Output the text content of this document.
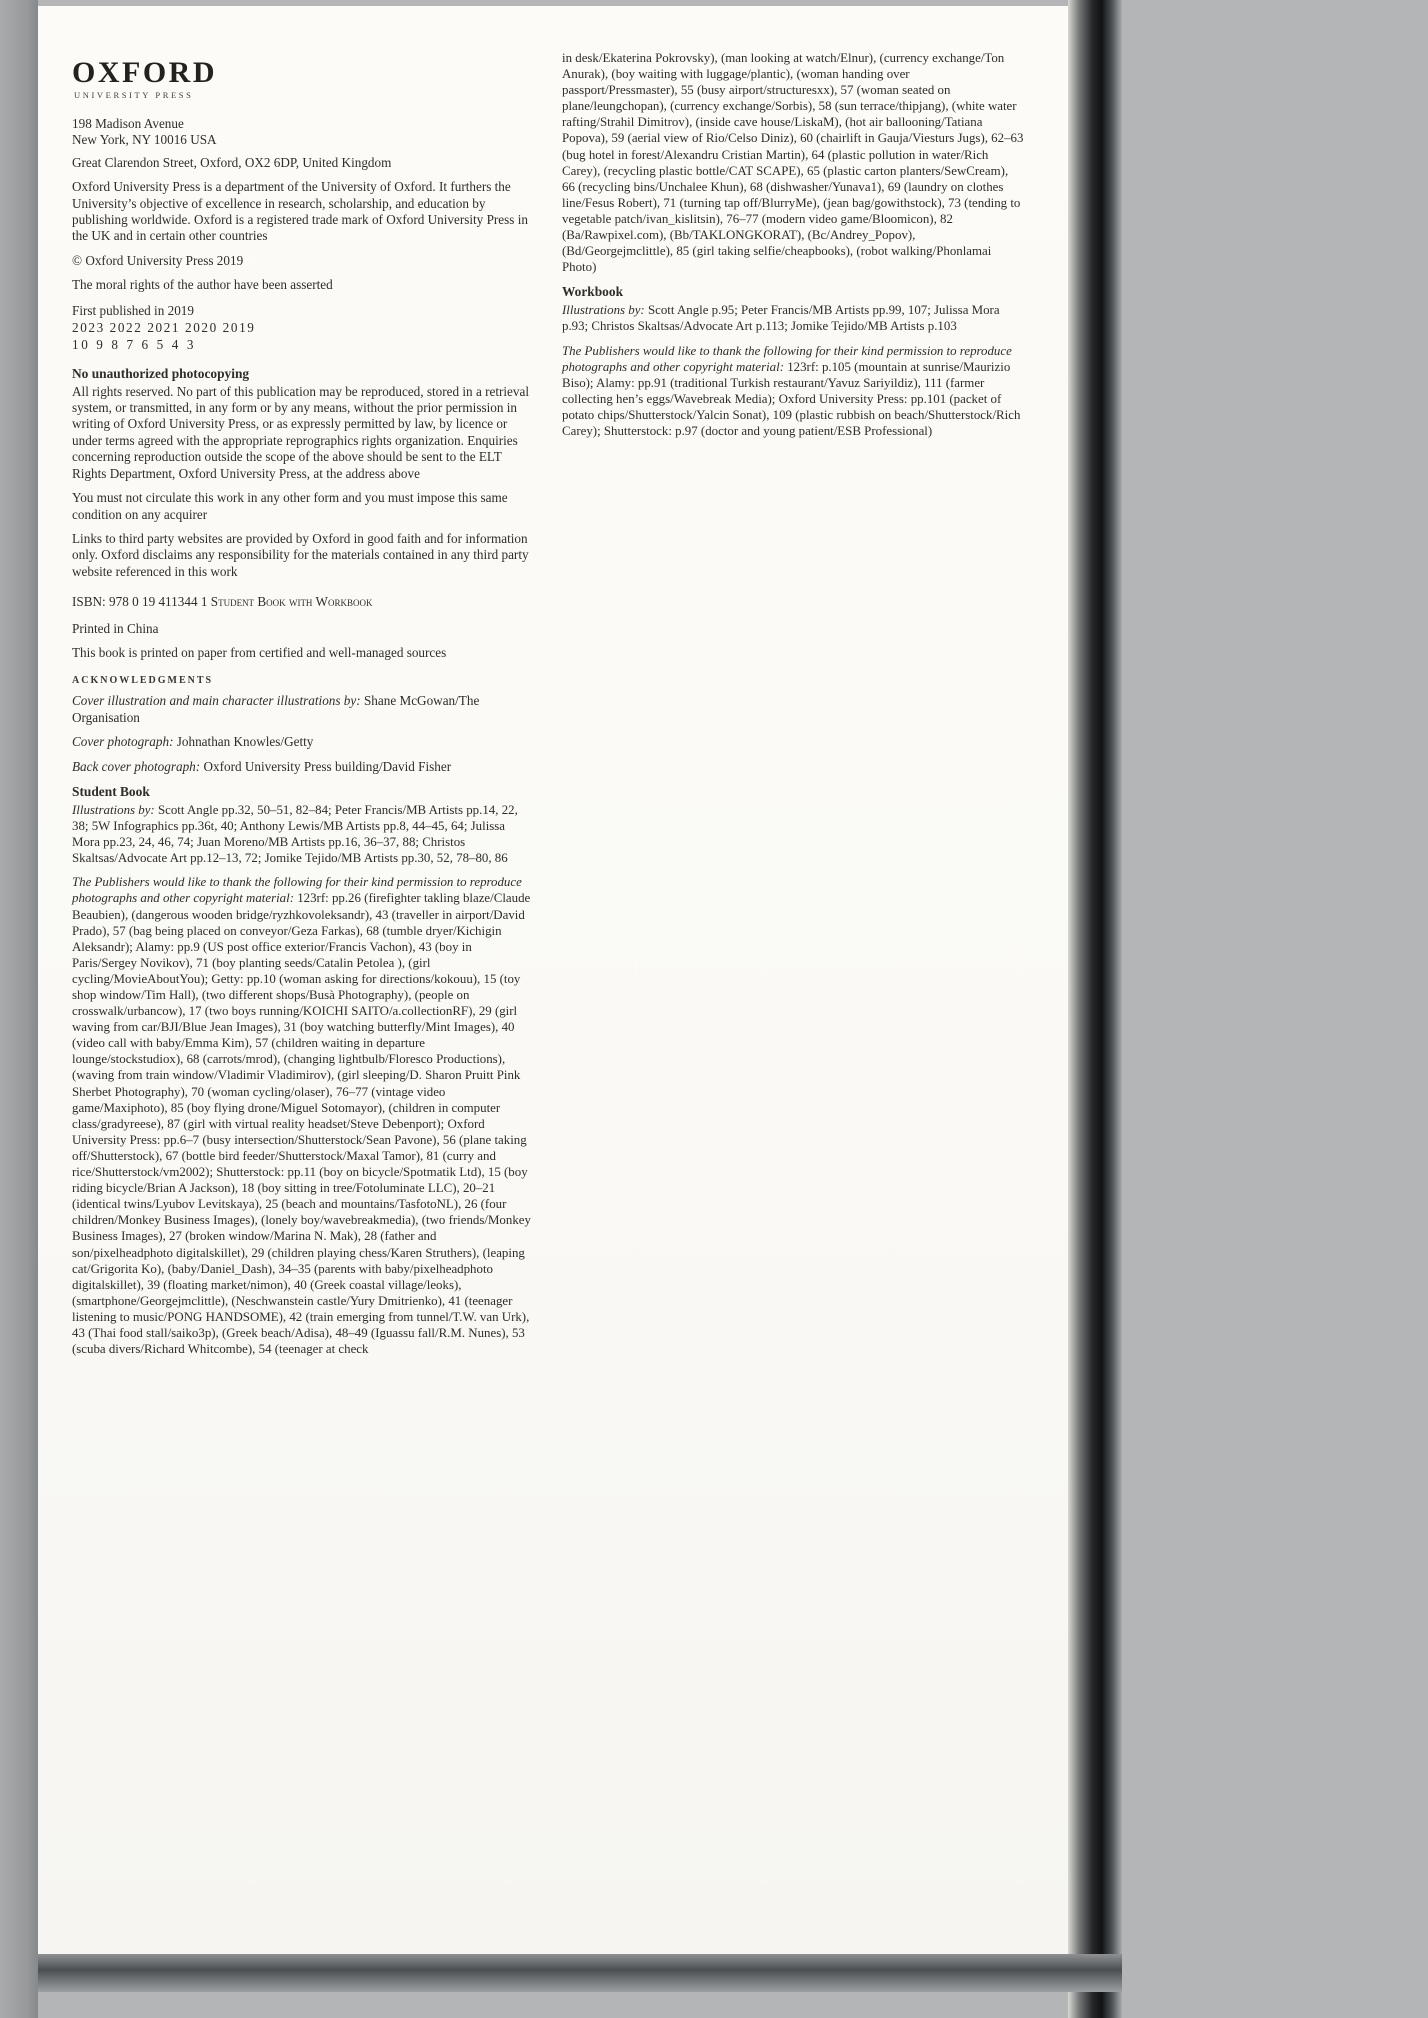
OXFORD
UNIVERSITY PRESS
198 Madison Avenue
New York, NY 10016 USA
Great Clarendon Street, Oxford, OX2 6DP, United Kingdom

Oxford University Press is a department of the University of Oxford. It furthers the University’s objective of excellence in research, scholarship, and education by publishing worldwide. Oxford is a registered trade mark of Oxford University Press in the UK and in certain other countries

© Oxford University Press 2019
The moral rights of the author have been asserted
First published in 2019
2023 2022 2021 2020 2019
10 9 8 7 6 5 4 3
No unauthorized photocopying

All rights reserved. No part of this publication may be reproduced, stored in a retrieval system, or transmitted, in any form or by any means, without the prior permission in writing of Oxford University Press, or as expressly permitted by law, by licence or under terms agreed with the appropriate reprographics rights organization. Enquiries concerning reproduction outside the scope of the above should be sent to the ELT Rights Department, Oxford University Press, at the address above

You must not circulate this work in any other form and you must impose this same condition on any acquirer

Links to third party websites are provided by Oxford in good faith and for information only. Oxford disclaims any responsibility for the materials contained in any third party website referenced in this work

ISBN: 978 0 19 411344 1 Student Book with Workbook
Printed in China
This book is printed on paper from certified and well-managed sources
ACKNOWLEDGMENTS

Cover illustration and main character illustrations by: Shane McGowan/The Organisation

Cover photograph: Johnathan Knowles/Getty

Back cover photograph: Oxford University Press building/David Fisher

Student Book

Illustrations by: Scott Angle pp.32, 50–51, 82–84; Peter Francis/MB Artists pp.14, 22, 38; 5W Infographics pp.36t, 40; Anthony Lewis/MB Artists pp.8, 44–45, 64; Julissa Mora pp.23, 24, 46, 74; Juan Moreno/MB Artists pp.16, 36–37, 88; Christos Skaltsas/Advocate Art pp.12–13, 72; Jomike Tejido/MB Artists pp.30, 52, 78–80, 86

The Publishers would like to thank the following for their kind permission to reproduce photographs and other copyright material: 123rf: pp.26 (firefighter takling blaze/Claude Beaubien), (dangerous wooden bridge/ryzhkovoleksandr), 43 (traveller in airport/David Prado), 57 (bag being placed on conveyor/Geza Farkas), 68 (tumble dryer/Kichigin Aleksandr); Alamy: pp.9 (US post office exterior/Francis Vachon), 43 (boy in Paris/Sergey Novikov), 71 (boy planting seeds/Catalin Petolea ), (girl cycling/MovieAboutYou); Getty: pp.10 (woman asking for directions/kokouu), 15 (toy shop window/Tim Hall), (two different shops/Busà Photography), (people on crosswalk/urbancow), 17 (two boys running/KOICHI SAITO/a.collectionRF), 29 (girl waving from car/BJI/Blue Jean Images), 31 (boy watching butterfly/Mint Images), 40 (video call with baby/Emma Kim), 57 (children waiting in departure lounge/stockstudiox), 68 (carrots/mrod), (changing lightbulb/Floresco Productions), (waving from train window/Vladimir Vladimirov), (girl sleeping/D. Sharon Pruitt Pink Sherbet Photography), 70 (woman cycling/olaser), 76–77 (vintage video game/Maxiphoto), 85 (boy flying drone/Miguel Sotomayor), (children in computer class/gradyreese), 87 (girl with virtual reality headset/Steve Debenport); Oxford University Press: pp.6–7 (busy intersection/Shutterstock/Sean Pavone), 56 (plane taking off/Shutterstock), 67 (bottle bird feeder/Shutterstock/Maxal Tamor), 81 (curry and rice/Shutterstock/vm2002); Shutterstock: pp.11 (boy on bicycle/Spotmatik Ltd), 15 (boy riding bicycle/Brian A Jackson), 18 (boy sitting in tree/Fotoluminate LLC), 20–21 (identical twins/Lyubov Levitskaya), 25 (beach and mountains/TasfotoNL), 26 (four children/Monkey Business Images), (lonely boy/wavebreakmedia), (two friends/Monkey Business Images), 27 (broken window/Marina N. Mak), 28 (father and son/pixelheadphoto digitalskillet), 29 (children playing chess/Karen Struthers), (leaping cat/Grigorita Ko), (baby/Daniel_Dash), 34–35 (parents with baby/pixelheadphoto digitalskillet), 39 (floating market/nimon), 40 (Greek coastal village/leoks), (smartphone/Georgejmclittle), (Neschwanstein castle/Yury Dmitrienko), 41 (teenager listening to music/PONG HANDSOME), 42 (train emerging from tunnel/T.W. van Urk), 43 (Thai food stall/saiko3p), (Greek beach/Adisa), 48–49 (Iguassu fall/R.M. Nunes), 53 (scuba divers/Richard Whitcombe), 54 (teenager at check

in desk/Ekaterina Pokrovsky), (man looking at watch/Elnur), (currency exchange/Ton Anurak), (boy waiting with luggage/plantic), (woman handing over passport/Pressmaster), 55 (busy airport/structuresxx), 57 (woman seated on plane/leungchopan), (currency exchange/Sorbis), 58 (sun terrace/thipjang), (white water rafting/Strahil Dimitrov), (inside cave house/LiskaM), (hot air ballooning/Tatiana Popova), 59 (aerial view of Rio/Celso Diniz), 60 (chairlift in Gauja/Viesturs Jugs), 62–63 (bug hotel in forest/Alexandru Cristian Martin), 64 (plastic pollution in water/Rich Carey), (recycling plastic bottle/CAT SCAPE), 65 (plastic carton planters/SewCream), 66 (recycling bins/Unchalee Khun), 68 (dishwasher/Yunava1), 69 (laundry on clothes line/Fesus Robert), 71 (turning tap off/BlurryMe), (jean bag/gowithstock), 73 (tending to vegetable patch/ivan_kislitsin), 76–77 (modern video game/Bloomicon), 82 (Ba/Rawpixel.com), (Bb/TAKLONGKORAT), (Bc/Andrey_Popov), (Bd/Georgejmclittle), 85 (girl taking selfie/cheapbooks), (robot walking/Phonlamai Photo)

Workbook

Illustrations by: Scott Angle p.95; Peter Francis/MB Artists pp.99, 107; Julissa Mora p.93; Christos Skaltsas/Advocate Art p.113; Jomike Tejido/MB Artists p.103

The Publishers would like to thank the following for their kind permission to reproduce photographs and other copyright material: 123rf: p.105 (mountain at sunrise/Maurizio Biso); Alamy: pp.91 (traditional Turkish restaurant/Yavuz Sariyildiz), 111 (farmer collecting hen’s eggs/Wavebreak Media); Oxford University Press: pp.101 (packet of potato chips/Shutterstock/Yalcin Sonat), 109 (plastic rubbish on beach/Shutterstock/Rich Carey); Shutterstock: p.97 (doctor and young patient/ESB Professional)
